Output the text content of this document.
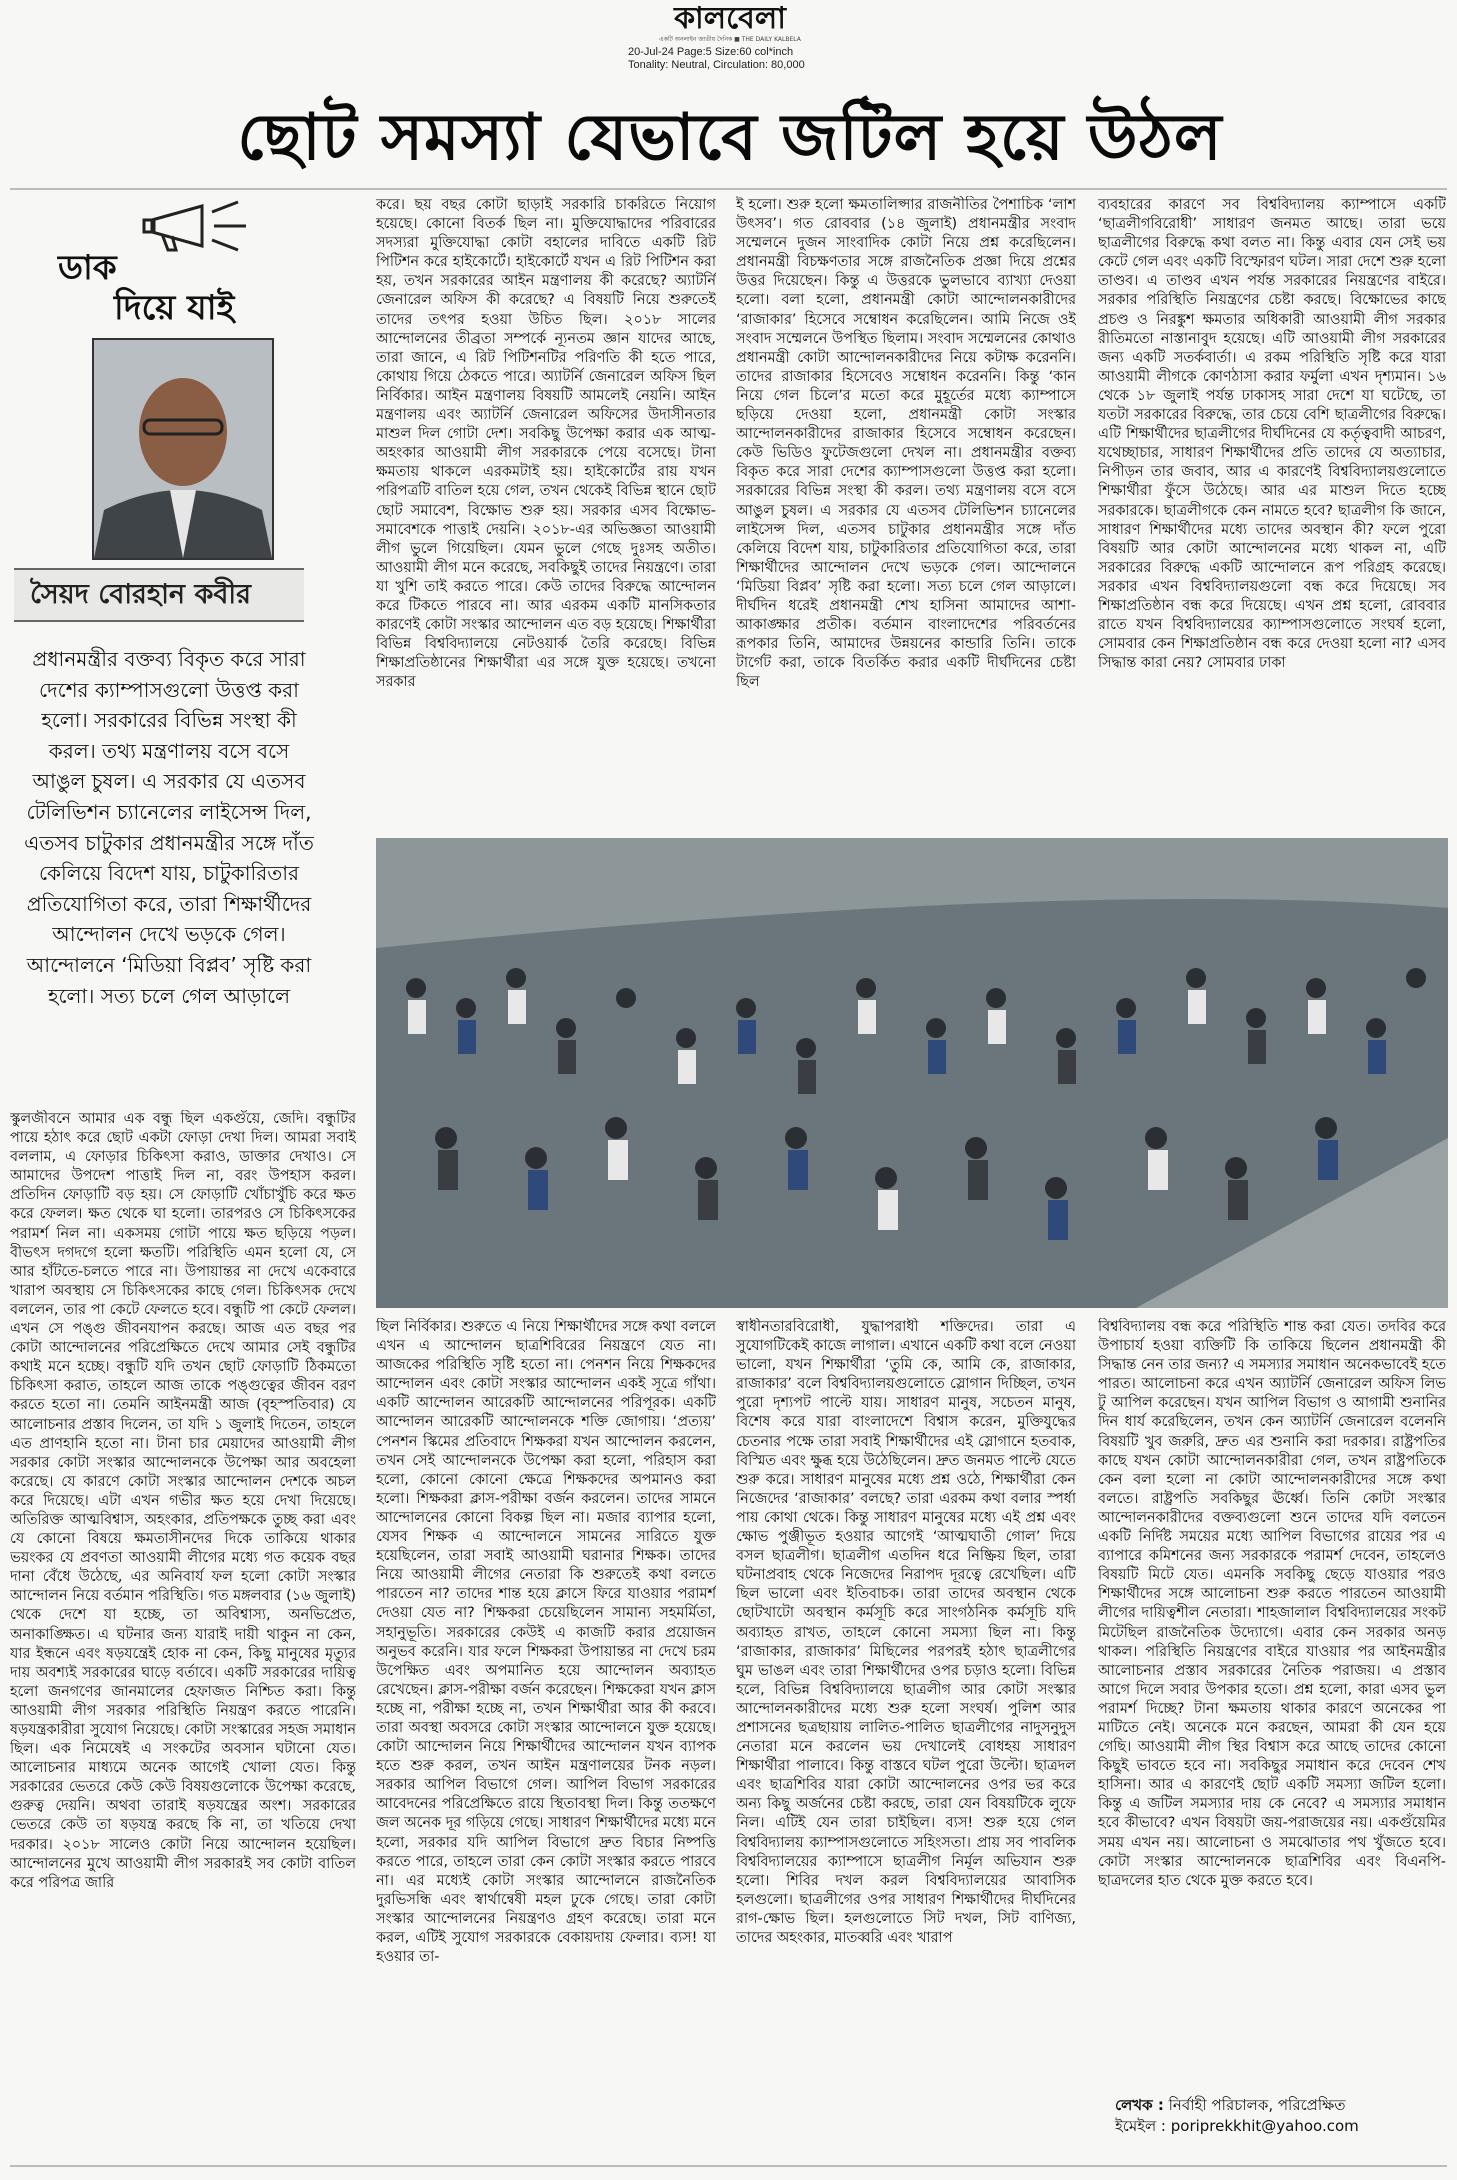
কালবেলা
একটি অনলাইন জাতীয় দৈনিক ■ THE DAILY KALBELA
20-Jul-24 Page:5 Size:60 col*inch
Tonality: Neutral, Circulation: 80,000
ছোট সমস্যা যেভাবে জটিল হয়ে উঠল
ডাক
দিয়ে যাই
সৈয়দ বোরহান কবীর
প্রধানমন্ত্রীর বক্তব্য বিকৃত করে সারা দেশের ক্যাম্পাসগুলো উত্তপ্ত করা হলো। সরকারের বিভিন্ন সংস্থা কী করল। তথ্য মন্ত্রণালয় বসে বসে আঙুল চুষল। এ সরকার যে এতসব টেলিভিশন চ্যানেলের লাইসেন্স দিল, এতসব চাটুকার প্রধানমন্ত্রীর সঙ্গে দাঁত কেলিয়ে বিদেশ যায়, চাটুকারিতার প্রতিযোগিতা করে, তারা শিক্ষার্থীদের আন্দোলন দেখে ভড়কে গেল। আন্দোলনে ‘মিডিয়া বিপ্লব’ সৃষ্টি করা হলো। সত্য চলে গেল আড়ালে
করে। ছয় বছর কোটা ছাড়াই সরকারি চাকরিতে নিয়োগ হয়েছে। কোনো বিতর্ক ছিল না। মুক্তিযোদ্ধাদের পরিবারের সদস্যরা মুক্তিযোদ্ধা কোটা বহালের দাবিতে একটি রিট পিটিশন করে হাইকোর্টে। হাইকোর্টে যখন এ রিট পিটিশন করা হয়, তখন সরকারের আইন মন্ত্রণালয় কী করেছে? অ্যাটর্নি জেনারেল অফিস কী করেছে? এ বিষয়টি নিয়ে শুরুতেই তাদের তৎপর হওয়া উচিত ছিল। ২০১৮ সালের আন্দোলনের তীব্রতা সম্পর্কে ন্যূনতম জ্ঞান যাদের আছে, তারা জানে, এ রিট পিটিশনটির পরিণতি কী হতে পারে, কোথায় গিয়ে ঠেকতে পারে। অ্যাটর্নি জেনারেল অফিস ছিল নির্বিকার। আইন মন্ত্রণালয় বিষয়টি আমলেই নেয়নি। আইন মন্ত্রণালয় এবং অ্যাটর্নি জেনারেল অফিসের উদাসীনতার মাশুল দিল গোটা দেশ। সবকিছু উপেক্ষা করার এক আত্ম-অহংকার আওয়ামী লীগ সরকারকে পেয়ে বসেছে। টানা ক্ষমতায় থাকলে এরকমটাই হয়। হাইকোর্টের রায় যখন পরিপত্রটি বাতিল হয়ে গেল, তখন থেকেই বিভিন্ন স্থানে ছোট ছোট সমাবেশ, বিক্ষোভ শুরু হয়। সরকার এসব বিক্ষোভ-সমাবেশকে পাত্তাই দেয়নি। ২০১৮-এর অভিজ্ঞতা আওয়ামী লীগ ভুলে গিয়েছিল। যেমন ভুলে গেছে দুঃসহ অতীত। আওয়ামী লীগ মনে করেছে, সবকিছুই তাদের নিয়ন্ত্রণে। তারা যা খুশি তাই করতে পারে। কেউ তাদের বিরুদ্ধে আন্দোলন করে টিকতে পারবে না। আর এরকম একটি মানসিকতার কারণেই কোটা সংস্কার আন্দোলন এত বড় হয়েছে। শিক্ষার্থীরা বিভিন্ন বিশ্ববিদ্যালয়ে নেটওয়ার্ক তৈরি করেছে। বিভিন্ন শিক্ষাপ্রতিষ্ঠানের শিক্ষার্থীরা এর সঙ্গে যুক্ত হয়েছে। তখনো সরকার
ই হলো। শুরু হলো ক্ষমতালিপ্সার রাজনীতির পৈশাচিক ‘লাশ উৎসব’। গত রোববার (১৪ জুলাই) প্রধানমন্ত্রীর সংবাদ সম্মেলনে দুজন সাংবাদিক কোটা নিয়ে প্রশ্ন করেছিলেন। প্রধানমন্ত্রী বিচক্ষণতার সঙ্গে রাজনৈতিক প্রজ্ঞা দিয়ে প্রশ্নের উত্তর দিয়েছেন। কিন্তু এ উত্তরকে ভুলভাবে ব্যাখ্যা দেওয়া হলো। বলা হলো, প্রধানমন্ত্রী কোটা আন্দোলনকারীদের ‘রাজাকার’ হিসেবে সম্বোধন করেছিলেন। আমি নিজে ওই সংবাদ সম্মেলনে উপস্থিত ছিলাম। সংবাদ সম্মেলনের কোথাও প্রধানমন্ত্রী কোটা আন্দোলনকারীদের নিয়ে কটাক্ষ করেননি। তাদের রাজাকার হিসেবেও সম্বোধন করেননি। কিন্তু ‘কান নিয়ে গেল চিলে’র মতো করে মুহূর্তের মধ্যে ক্যাম্পাসে ছড়িয়ে দেওয়া হলো, প্রধানমন্ত্রী কোটা সংস্কার আন্দোলনকারীদের রাজাকার হিসেবে সম্বোধন করেছেন। কেউ ভিডিও ফুটেজগুলো দেখল না। প্রধানমন্ত্রীর বক্তব্য বিকৃত করে সারা দেশের ক্যাম্পাসগুলো উত্তপ্ত করা হলো। সরকারের বিভিন্ন সংস্থা কী করল। তথ্য মন্ত্রণালয় বসে বসে আঙুল চুষল। এ সরকার যে এতসব টেলিভিশন চ্যানেলের লাইসেন্স দিল, এতসব চাটুকার প্রধানমন্ত্রীর সঙ্গে দাঁত কেলিয়ে বিদেশ যায়, চাটুকারিতার প্রতিযোগিতা করে, তারা শিক্ষার্থীদের আন্দোলন দেখে ভড়কে গেল। আন্দোলনে ‘মিডিয়া বিপ্লব’ সৃষ্টি করা হলো। সত্য চলে গেল আড়ালে। দীর্ঘদিন ধরেই প্রধানমন্ত্রী শেখ হাসিনা আমাদের আশা-আকাঙ্ক্ষার প্রতীক। বর্তমান বাংলাদেশের পরিবর্তনের রূপকার তিনি, আমাদের উন্নয়নের কান্ডারি তিনি। তাকে টার্গেট করা, তাকে বিতর্কিত করার একটি দীর্ঘদিনের চেষ্টা ছিল
ব্যবহারের কারণে সব বিশ্ববিদ্যালয় ক্যাম্পাসে একটি ‘ছাত্রলীগবিরোধী’ সাধারণ জনমত আছে। তারা ভয়ে ছাত্রলীগের বিরুদ্ধে কথা বলত না। কিন্তু এবার যেন সেই ভয় কেটে গেল এবং একটি বিস্ফোরণ ঘটল। সারা দেশে শুরু হলো তাণ্ডব। এ তাণ্ডব এখন পর্যন্ত সরকারের নিয়ন্ত্রণের বাইরে। সরকার পরিস্থিতি নিয়ন্ত্রণের চেষ্টা করছে। বিক্ষোভের কাছে প্রচণ্ড ও নিরঙ্কুশ ক্ষমতার অধিকারী আওয়ামী লীগ সরকার রীতিমতো নাস্তানাবুদ হয়েছে। এটি আওয়ামী লীগ সরকারের জন্য একটি সতর্কবার্তা। এ রকম পরিস্থিতি সৃষ্টি করে যারা আওয়ামী লীগকে কোণঠাসা করার ফর্মুলা এখন দৃশ্যমান। ১৬ থেকে ১৮ জুলাই পর্যন্ত ঢাকাসহ সারা দেশে যা ঘটেছে, তা যতটা সরকারের বিরুদ্ধে, তার চেয়ে বেশি ছাত্রলীগের বিরুদ্ধে। এটি শিক্ষার্থীদের ছাত্রলীগের দীর্ঘদিনের যে কর্তৃত্ববাদী আচরণ, যথেচ্ছাচার, সাধারণ শিক্ষার্থীদের প্রতি তাদের যে অত্যাচার, নিপীড়ন তার জবাব, আর এ কারণেই বিশ্ববিদ্যালয়গুলোতে শিক্ষার্থীরা ফুঁসে উঠেছে। আর এর মাশুল দিতে হচ্ছে সরকারকে। ছাত্রলীগকে কেন নামতে হবে? ছাত্রলীগ কি জানে, সাধারণ শিক্ষার্থীদের মধ্যে তাদের অবস্থান কী? ফলে পুরো বিষয়টি আর কোটা আন্দোলনের মধ্যে থাকল না, এটি সরকারের বিরুদ্ধে একটি আন্দোলনে রূপ পরিগ্রহ করেছে। সরকার এখন বিশ্ববিদ্যালয়গুলো বন্ধ করে দিয়েছে। সব শিক্ষাপ্রতিষ্ঠান বন্ধ করে দিয়েছে। এখন প্রশ্ন হলো, রোববার রাতে যখন বিশ্ববিদ্যালয়ের ক্যাম্পাসগুলোতে সংঘর্ষ হলো, সোমবার কেন শিক্ষাপ্রতিষ্ঠান বন্ধ করে দেওয়া হলো না? এসব সিদ্ধান্ত কারা নেয়? সোমবার ঢাকা
স্কুলজীবনে আমার এক বন্ধু ছিল একগুঁয়ে, জেদি। বন্ধুটির পায়ে হঠাৎ করে ছোট একটা ফোড়া দেখা দিল। আমরা সবাই বললাম, এ ফোড়ার চিকিৎসা করাও, ডাক্তার দেখাও। সে আমাদের উপদেশ পাত্তাই দিল না, বরং উপহাস করল। প্রতিদিন ফোড়াটি বড় হয়। সে ফোড়াটি খোঁচাখুঁচি করে ক্ষত করে ফেলল। ক্ষত থেকে ঘা হলো। তারপরও সে চিকিৎসকের পরামর্শ নিল না। একসময় গোটা পায়ে ক্ষত ছড়িয়ে পড়ল। বীভৎস দগদগে হলো ক্ষতটি। পরিস্থিতি এমন হলো যে, সে আর হাঁটতে-চলতে পারে না। উপায়ান্তর না দেখে একেবারে খারাপ অবস্থায় সে চিকিৎসকের কাছে গেল। চিকিৎসক দেখে বললেন, তার পা কেটে ফেলতে হবে। বন্ধুটি পা কেটে ফেলল। এখন সে পঙ্গু জীবনযাপন করছে। আজ এত বছর পর কোটা আন্দোলনের পরিপ্রেক্ষিতে দেখে আমার সেই বন্ধুটির কথাই মনে হচ্ছে। বন্ধুটি যদি তখন ছোট ফোড়াটি ঠিকমতো চিকিৎসা করাত, তাহলে আজ তাকে পঙ্গুত্বের জীবন বরণ করতে হতো না। তেমনি আইনমন্ত্রী আজ (বৃহস্পতিবার) যে আলোচনার প্রস্তাব দিলেন, তা যদি ১ জুলাই দিতেন, তাহলে এত প্রাণহানি হতো না। টানা চার মেয়াদের আওয়ামী লীগ সরকার কোটা সংস্কার আন্দোলনকে উপেক্ষা আর অবহেলা করেছে। যে কারণে কোটা সংস্কার আন্দোলন দেশকে অচল করে দিয়েছে। এটা এখন গভীর ক্ষত হয়ে দেখা দিয়েছে। অতিরিক্ত আত্মবিশ্বাস, অহংকার, প্রতিপক্ষকে তুচ্ছ করা এবং যে কোনো বিষয়ে ক্ষমতাসীনদের দিকে তাকিয়ে থাকার ভয়ংকর যে প্রবণতা আওয়ামী লীগের মধ্যে গত কয়েক বছর দানা বেঁধে উঠেছে, এর অনিবার্য ফল হলো কোটা সংস্কার আন্দোলন নিয়ে বর্তমান পরিস্থিতি। গত মঙ্গলবার (১৬ জুলাই) থেকে দেশে যা হচ্ছে, তা অবিশ্বাস্য, অনভিপ্রেত, অনাকাঙ্ক্ষিত। এ ঘটনার জন্য যারাই দায়ী থাকুন না কেন, যার ইন্ধনে এবং ষড়যন্ত্রেই হোক না কেন, কিছু মানুষের মৃত্যুর দায় অবশ্যই সরকারের ঘাড়ে বর্তাবে। একটি সরকারের দায়িত্ব হলো জনগণের জানমালের হেফাজত নিশ্চিত করা। কিন্তু আওয়ামী লীগ সরকার পরিস্থিতি নিয়ন্ত্রণ করতে পারেনি। ষড়যন্ত্রকারীরা সুযোগ নিয়েছে। কোটা সংস্কারের সহজ সমাধান ছিল। এক নিমেষেই এ সংকটের অবসান ঘটানো যেত। আলোচনার মাধ্যমে অনেক আগেই খোলা যেত। কিন্তু সরকারের ভেতরে কেউ কেউ বিষয়গুলোকে উপেক্ষা করেছে, গুরুত্ব দেয়নি। অথবা তারাই ষড়যন্ত্রের অংশ। সরকারের ভেতরে কেউ তা ষড়যন্ত্র করছে কি না, তা খতিয়ে দেখা দরকার। ২০১৮ সালেও কোটা নিয়ে আন্দোলন হয়েছিল। আন্দোলনের মুখে আওয়ামী লীগ সরকারই সব কোটা বাতিল করে পরিপত্র জারি
ছিল নির্বিকার। শুরুতে এ নিয়ে শিক্ষার্থীদের সঙ্গে কথা বললে এখন এ আন্দোলন ছাত্রশিবিরের নিয়ন্ত্রণে যেত না। আজকের পরিস্থিতি সৃষ্টি হতো না। পেনশন নিয়ে শিক্ষকদের আন্দোলন এবং কোটা সংস্কার আন্দোলন একই সূত্রে গাঁথা। একটি আন্দোলন আরেকটি আন্দোলনের পরিপূরক। একটি আন্দোলন আরেকটি আন্দোলনকে শক্তি জোগায়। ‘প্রত্যয়’ পেনশন স্কিমের প্রতিবাদে শিক্ষকরা যখন আন্দোলন করলেন, তখন সেই আন্দোলনকে উপেক্ষা করা হলো, পরিহাস করা হলো, কোনো কোনো ক্ষেত্রে শিক্ষকদের অপমানও করা হলো। শিক্ষকরা ক্লাস-পরীক্ষা বর্জন করলেন। তাদের সামনে আন্দোলনের কোনো বিকল্প ছিল না। মজার ব্যাপার হলো, যেসব শিক্ষক এ আন্দোলনে সামনের সারিতে যুক্ত হয়েছিলেন, তারা সবাই আওয়ামী ঘরানার শিক্ষক। তাদের নিয়ে আওয়ামী লীগের নেতারা কি শুরুতেই কথা বলতে পারতেন না? তাদের শান্ত হয়ে ক্লাসে ফিরে যাওয়ার পরামর্শ দেওয়া যেত না? শিক্ষকরা চেয়েছিলেন সামান্য সহমর্মিতা, সহানুভূতি। সরকারের কেউই এ কাজটি করার প্রয়োজন অনুভব করেনি। যার ফলে শিক্ষকরা উপায়ান্তর না দেখে চরম উপেক্ষিত এবং অপমানিত হয়ে আন্দোলন অব্যাহত রেখেছেন। ক্লাস-পরীক্ষা বর্জন করেছেন। শিক্ষকেরা যখন ক্লাস হচ্ছে না, পরীক্ষা হচ্ছে না, তখন শিক্ষার্থীরা আর কী করবে। তারা অবস্থা অবসরে কোটা সংস্কার আন্দোলনে যুক্ত হয়েছে। কোটা আন্দোলন নিয়ে শিক্ষার্থীদের আন্দোলন যখন ব্যাপক হতে শুরু করল, তখন আইন মন্ত্রণালয়ের টনক নড়ল। সরকার আপিল বিভাগে গেল। আপিল বিভাগ সরকারের আবেদনের পরিপ্রেক্ষিতে রায়ে স্থিতাবস্থা দিল। কিন্তু ততক্ষণে জল অনেক দূর গড়িয়ে গেছে। সাধারণ শিক্ষার্থীদের মধ্যে মনে হলো, সরকার যদি আপিল বিভাগে দ্রুত বিচার নিষ্পত্তি করতে পারে, তাহলে তারা কেন কোটা সংস্কার করতে পারবে না। এর মধ্যেই কোটা সংস্কার আন্দোলনে রাজনৈতিক দুরভিসন্ধি এবং স্বার্থান্বেষী মহল ঢুকে গেছে। তারা কোটা সংস্কার আন্দোলনের নিয়ন্ত্রণও গ্রহণ করেছে। তারা মনে করল, এটিই সুযোগ সরকারকে বেকায়দায় ফেলার। ব্যস! যা হওয়ার তা-
স্বাধীনতারবিরোধী, যুদ্ধাপরাধী শক্তিদের। তারা এ সুযোগটিকেই কাজে লাগাল। এখানে একটি কথা বলে নেওয়া ভালো, যখন শিক্ষার্থীরা ‘তুমি কে, আমি কে, রাজাকার, রাজাকার’ বলে বিশ্ববিদ্যালয়গুলোতে স্লোগান দিচ্ছিল, তখন পুরো দৃশ্যপট পাল্টে যায়। সাধারণ মানুষ, সচেতন মানুষ, বিশেষ করে যারা বাংলাদেশে বিশ্বাস করেন, মুক্তিযুদ্ধের চেতনার পক্ষে তারা সবাই শিক্ষার্থীদের এই স্লোগানে হতবাক, বিস্মিত এবং ক্ষুব্ধ হয়ে উঠেছিলেন। দ্রুত জনমত পাল্টে যেতে শুরু করে। সাধারণ মানুষের মধ্যে প্রশ্ন ওঠে, শিক্ষার্থীরা কেন নিজেদের ‘রাজাকার’ বলছে? তারা এরকম কথা বলার স্পর্ধা পায় কোথা থেকে। কিন্তু সাধারণ মানুষের মধ্যে এই প্রশ্ন এবং ক্ষোভ পুঞ্জীভূত হওয়ার আগেই ‘আত্মঘাতী গোল’ দিয়ে বসল ছাত্রলীগ। ছাত্রলীগ এতদিন ধরে নিষ্ক্রিয় ছিল, তারা ঘটনাপ্রবাহ থেকে নিজেদের নিরাপদ দূরত্বে রেখেছিল। এটি ছিল ভালো এবং ইতিবাচক। তারা তাদের অবস্থান থেকে ছোটখাটো অবস্থান কর্মসূচি করে সাংগঠনিক কর্মসূচি যদি অব্যাহত রাখত, তাহলে কোনো সমস্যা ছিল না। কিন্তু ‘রাজাকার, রাজাকার’ মিছিলের পরপরই হঠাৎ ছাত্রলীগের ঘুম ভাঙল এবং তারা শিক্ষার্থীদের ওপর চড়াও হলো। বিভিন্ন হলে, বিভিন্ন বিশ্ববিদ্যালয়ে ছাত্রলীগ আর কোটা সংস্কার আন্দোলনকারীদের মধ্যে শুরু হলো সংঘর্ষ। পুলিশ আর প্রশাসনের ছত্রছায়ায় লালিত-পালিত ছাত্রলীগের নাদুসনুদুস নেতারা মনে করলেন ভয় দেখালেই বোধহয় সাধারণ শিক্ষার্থীরা পালাবে। কিন্তু বাস্তবে ঘটল পুরো উল্টো। ছাত্রদল এবং ছাত্রশিবির যারা কোটা আন্দোলনের ওপর ভর করে অন্য কিছু অর্জনের চেষ্টা করছে, তারা যেন বিষয়টিকে লুফে নিল। এটিই যেন তারা চাইছিল। ব্যস! শুরু হয়ে গেল বিশ্ববিদ্যালয় ক্যাম্পাসগুলোতে সহিংসতা। প্রায় সব পাবলিক বিশ্ববিদ্যালয়ের ক্যাম্পাসে ছাত্রলীগ নির্মূল অভিযান শুরু হলো। শিবির দখল করল বিশ্ববিদ্যালয়ের আবাসিক হলগুলো। ছাত্রলীগের ওপর সাধারণ শিক্ষার্থীদের দীর্ঘদিনের রাগ-ক্ষোভ ছিল। হলগুলোতে সিট দখল, সিট বাণিজ্য, তাদের অহংকার, মাতব্বরি এবং খারাপ
বিশ্ববিদ্যালয় বন্ধ করে পরিস্থিতি শান্ত করা যেত। তদবির করে উপাচার্য হওয়া ব্যক্তিটি কি তাকিয়ে ছিলেন প্রধানমন্ত্রী কী সিদ্ধান্ত নেন তার জন্য? এ সমস্যার সমাধান অনেকভাবেই হতে পারত। আলোচনা করে এখন অ্যাটর্নি জেনারেল অফিস লিভ টু আপিল করেছেন। যখন আপিল বিভাগ ও আগামী শুনানির দিন ধার্য করেছিলেন, তখন কেন অ্যাটর্নি জেনারেল বলেননি বিষয়টি খুব জরুরি, দ্রুত এর শুনানি করা দরকার। রাষ্ট্রপতির কাছে যখন কোটা আন্দোলনকারীরা গেল, তখন রাষ্ট্রপতিকে কেন বলা হলো না কোটা আন্দোলনকারীদের সঙ্গে কথা বলতে। রাষ্ট্রপতি সবকিছুর ঊর্ধ্বে। তিনি কোটা সংস্কার আন্দোলনকারীদের বক্তব্যগুলো শুনে তাদের যদি বলতেন একটি নির্দিষ্ট সময়ের মধ্যে আপিল বিভাগের রায়ের পর এ ব্যাপারে কমিশনের জন্য সরকারকে পরামর্শ দেবেন, তাহলেও বিষয়টি মিটে যেত। এমনকি সবকিছু ছেড়ে যাওয়ার পরও শিক্ষার্থীদের সঙ্গে আলোচনা শুরু করতে পারতেন আওয়ামী লীগের দায়িত্বশীল নেতারা। শাহজালাল বিশ্ববিদ্যালয়ের সংকট মিটেছিল রাজনৈতিক উদ্যোগে। এবার কেন সরকার অনড় থাকল। পরিস্থিতি নিয়ন্ত্রণের বাইরে যাওয়ার পর আইনমন্ত্রীর আলোচনার প্রস্তাব সরকারের নৈতিক পরাজয়। এ প্রস্তাব আগে দিলে সবার উপকার হতো। প্রশ্ন হলো, কারা এসব ভুল পরামর্শ দিচ্ছে? টানা ক্ষমতায় থাকার কারণে অনেকের পা মাটিতে নেই। অনেকে মনে করছেন, আমরা কী যেন হয়ে গেছি। আওয়ামী লীগ স্থির বিশ্বাস করে আছে তাদের কোনো কিছুই ভাবতে হবে না। সবকিছুর সমাধান করে দেবেন শেখ হাসিনা। আর এ কারণেই ছোট একটি সমস্যা জটিল হলো। কিন্তু এ জটিল সমস্যার দায় কে নেবে? এ সমস্যার সমাধান হবে কীভাবে? এখন বিষয়টা জয়-পরাজয়ের নয়। একগুঁয়েমির সময় এখন নয়। আলোচনা ও সমঝোতার পথ খুঁজতে হবে। কোটা সংস্কার আন্দোলনকে ছাত্রশিবির এবং বিএনপি-ছাত্রদলের হাত থেকে মুক্ত করতে হবে।
লেখক : নির্বাহী পরিচালক, পরিপ্রেক্ষিত
ইমেইল : poriprekkhit@yahoo.com
